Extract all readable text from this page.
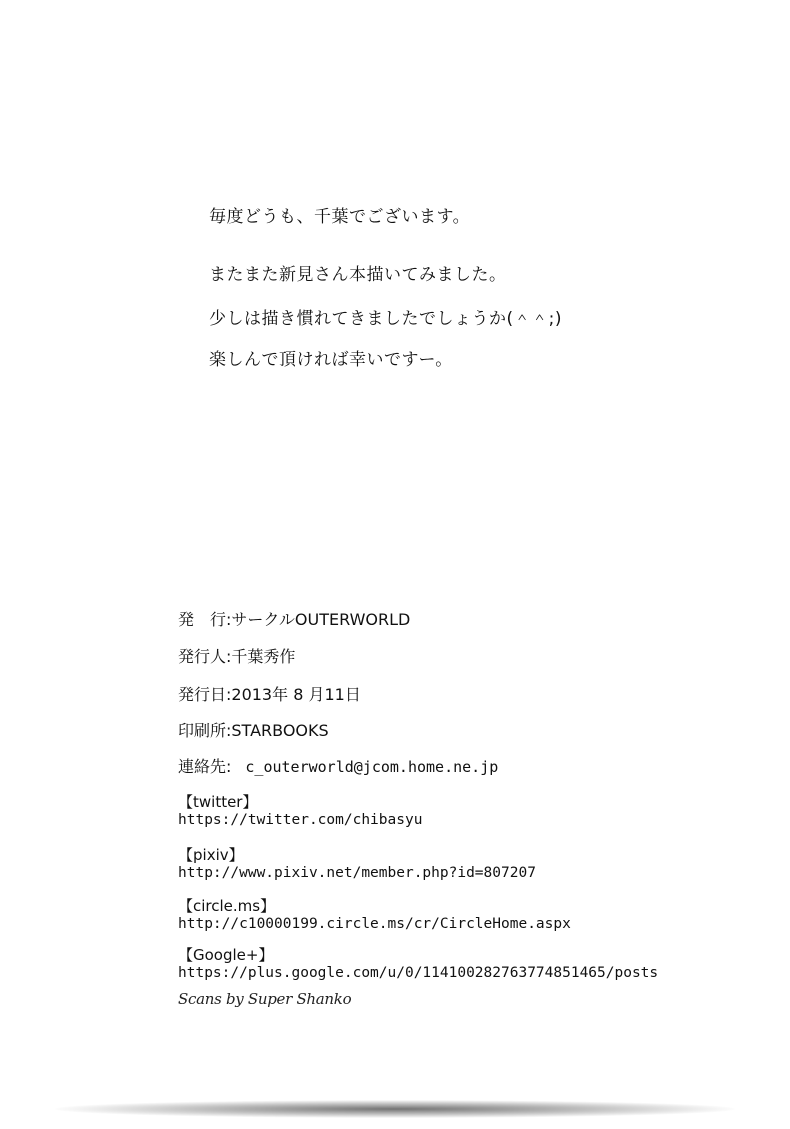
毎度どうも、千葉でございます。
またまた新見さん本描いてみました。
少しは描き慣れてきましたでしょうか(＾＾;)
楽しんで頂ければ幸いですー。
発　行:サークルOUTERWORLD
発行人:千葉秀作
発行日:2013年 8 月11日
印刷所:STARBOOKS
連絡先: c_outerworld@jcom.home.ne.jp
【twitter】
https://twitter.com/chibasyu
【pixiv】
http://www.pixiv.net/member.php?id=807207
【circle.ms】
http://c10000199.circle.ms/cr/CircleHome.aspx
【Google+】
https://plus.google.com/u/0/114100282763774851465/posts
Scans by Super Shanko
